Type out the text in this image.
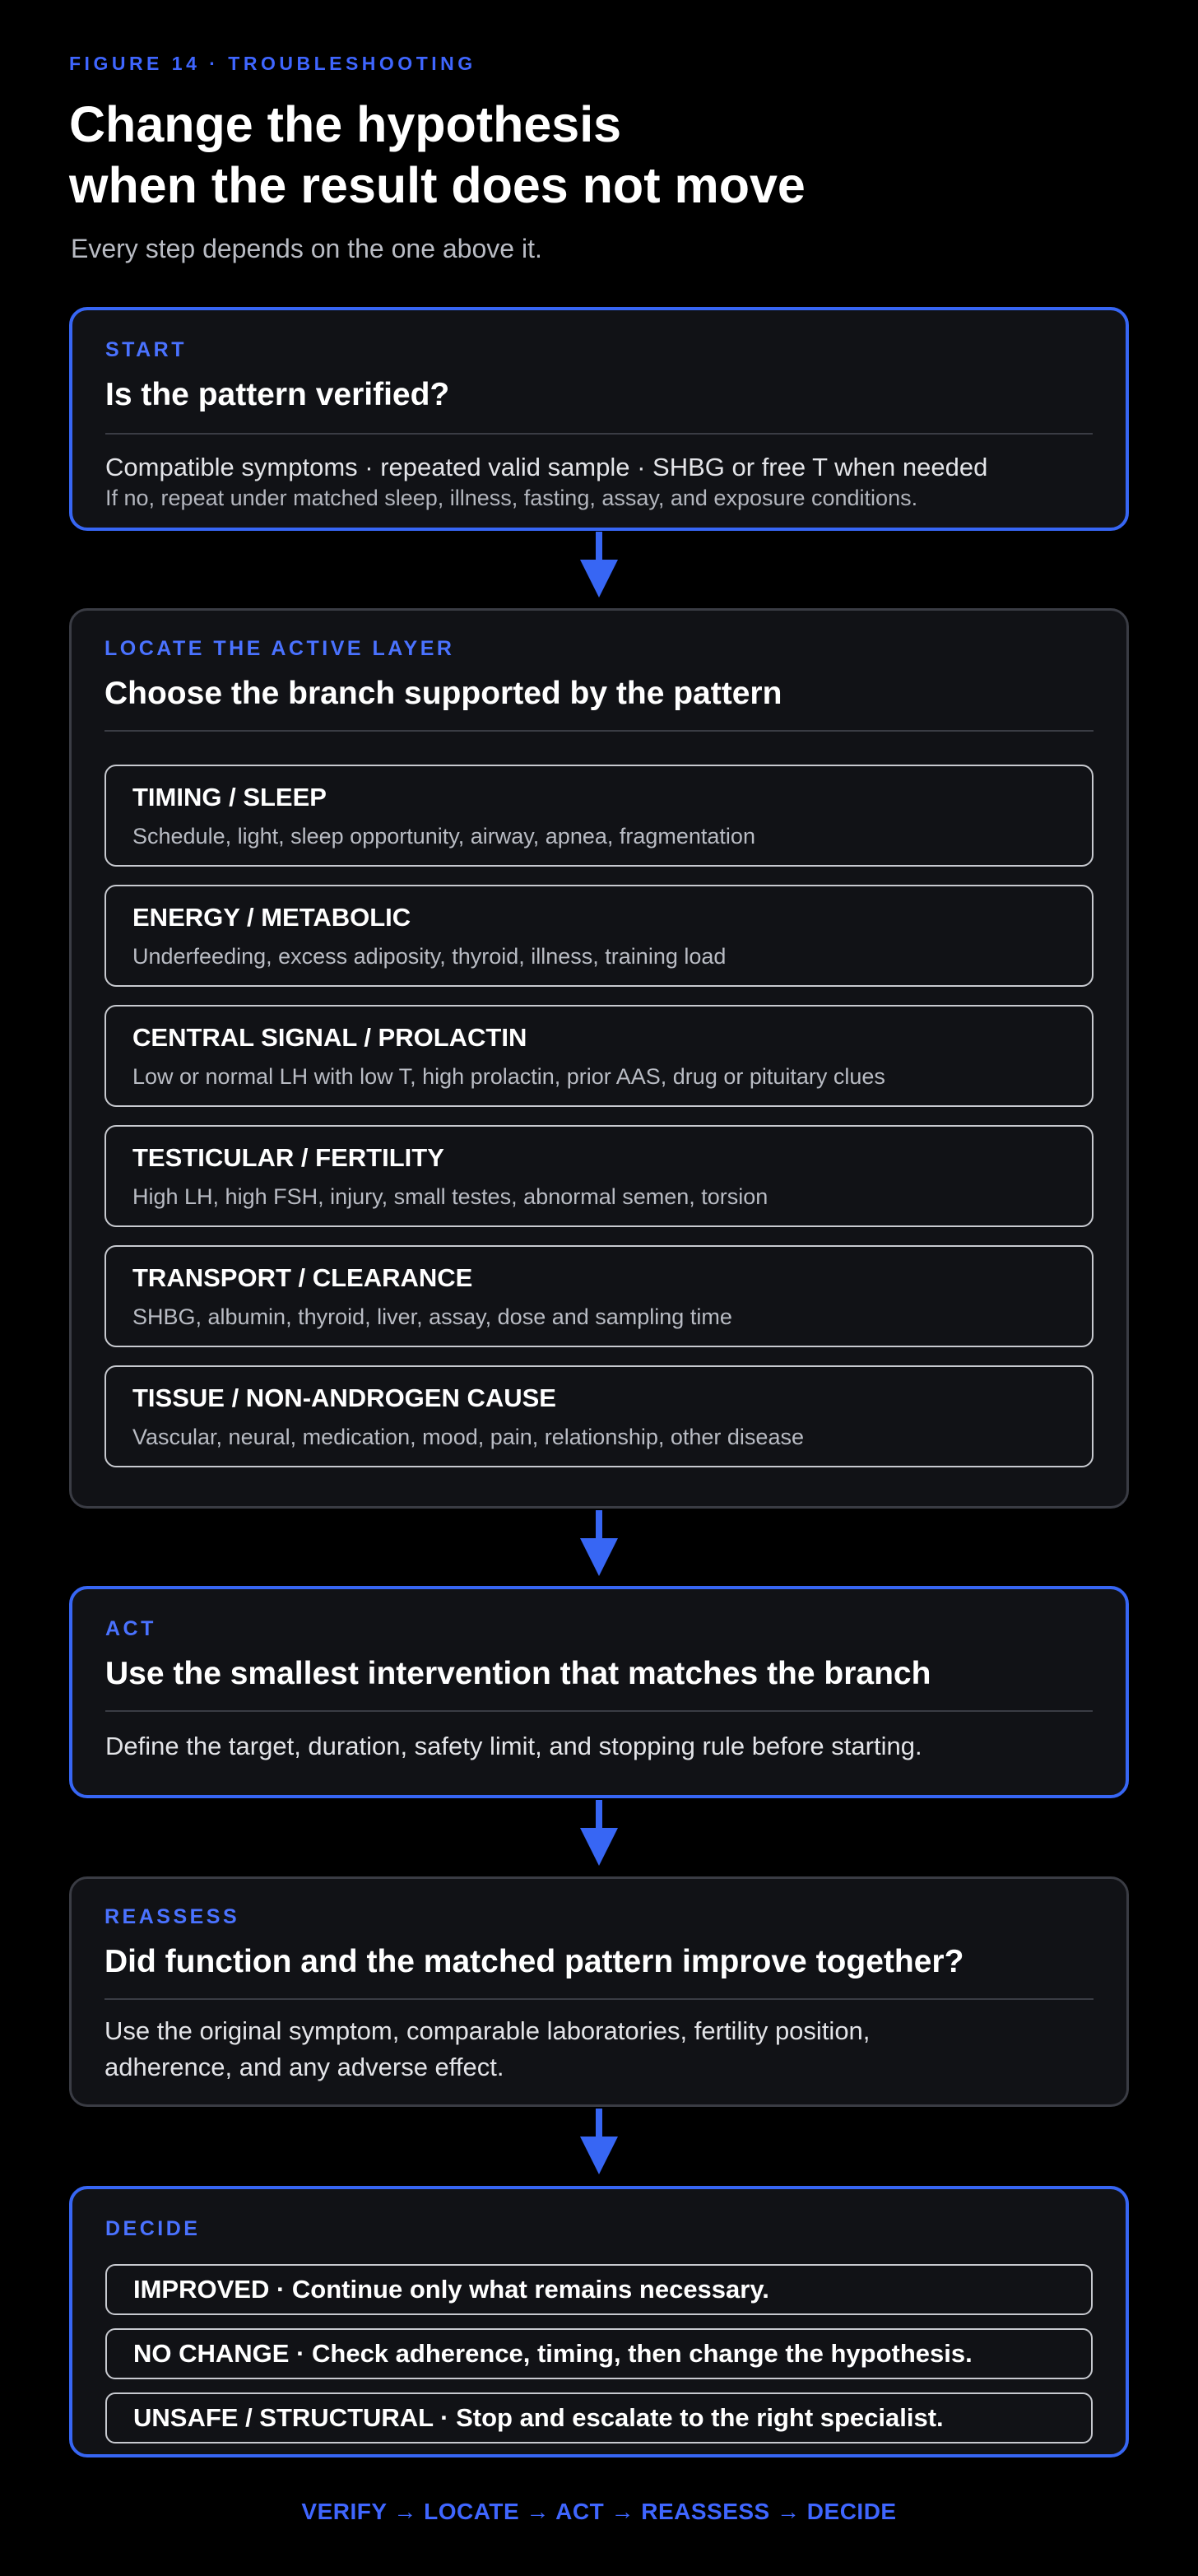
FIGURE 14 · TROUBLESHOOTING
Change the hypothesis
when the result does not move
Every step depends on the one above it.
START
Is the pattern verified?
Compatible symptoms · repeated valid sample · SHBG or free T when needed
If no, repeat under matched sleep, illness, fasting, assay, and exposure conditions.
LOCATE THE ACTIVE LAYER
Choose the branch supported by the pattern
TIMING / SLEEP
Schedule, light, sleep opportunity, airway, apnea, fragmentation
ENERGY / METABOLIC
Underfeeding, excess adiposity, thyroid, illness, training load
CENTRAL SIGNAL / PROLACTIN
Low or normal LH with low T, high prolactin, prior AAS, drug or pituitary clues
TESTICULAR / FERTILITY
High LH, high FSH, injury, small testes, abnormal semen, torsion
TRANSPORT / CLEARANCE
SHBG, albumin, thyroid, liver, assay, dose and sampling time
TISSUE / NON-ANDROGEN CAUSE
Vascular, neural, medication, mood, pain, relationship, other disease
ACT
Use the smallest intervention that matches the branch
Define the target, duration, safety limit, and stopping rule before starting.
REASSESS
Did function and the matched pattern improve together?
Use the original symptom, comparable laboratories, fertility position,
adherence, and any adverse effect.
DECIDE
IMPROVED · Continue only what remains necessary.
NO CHANGE · Check adherence, timing, then change the hypothesis.
UNSAFE / STRUCTURAL · Stop and escalate to the right specialist.
VERIFY → LOCATE → ACT → REASSESS → DECIDE
